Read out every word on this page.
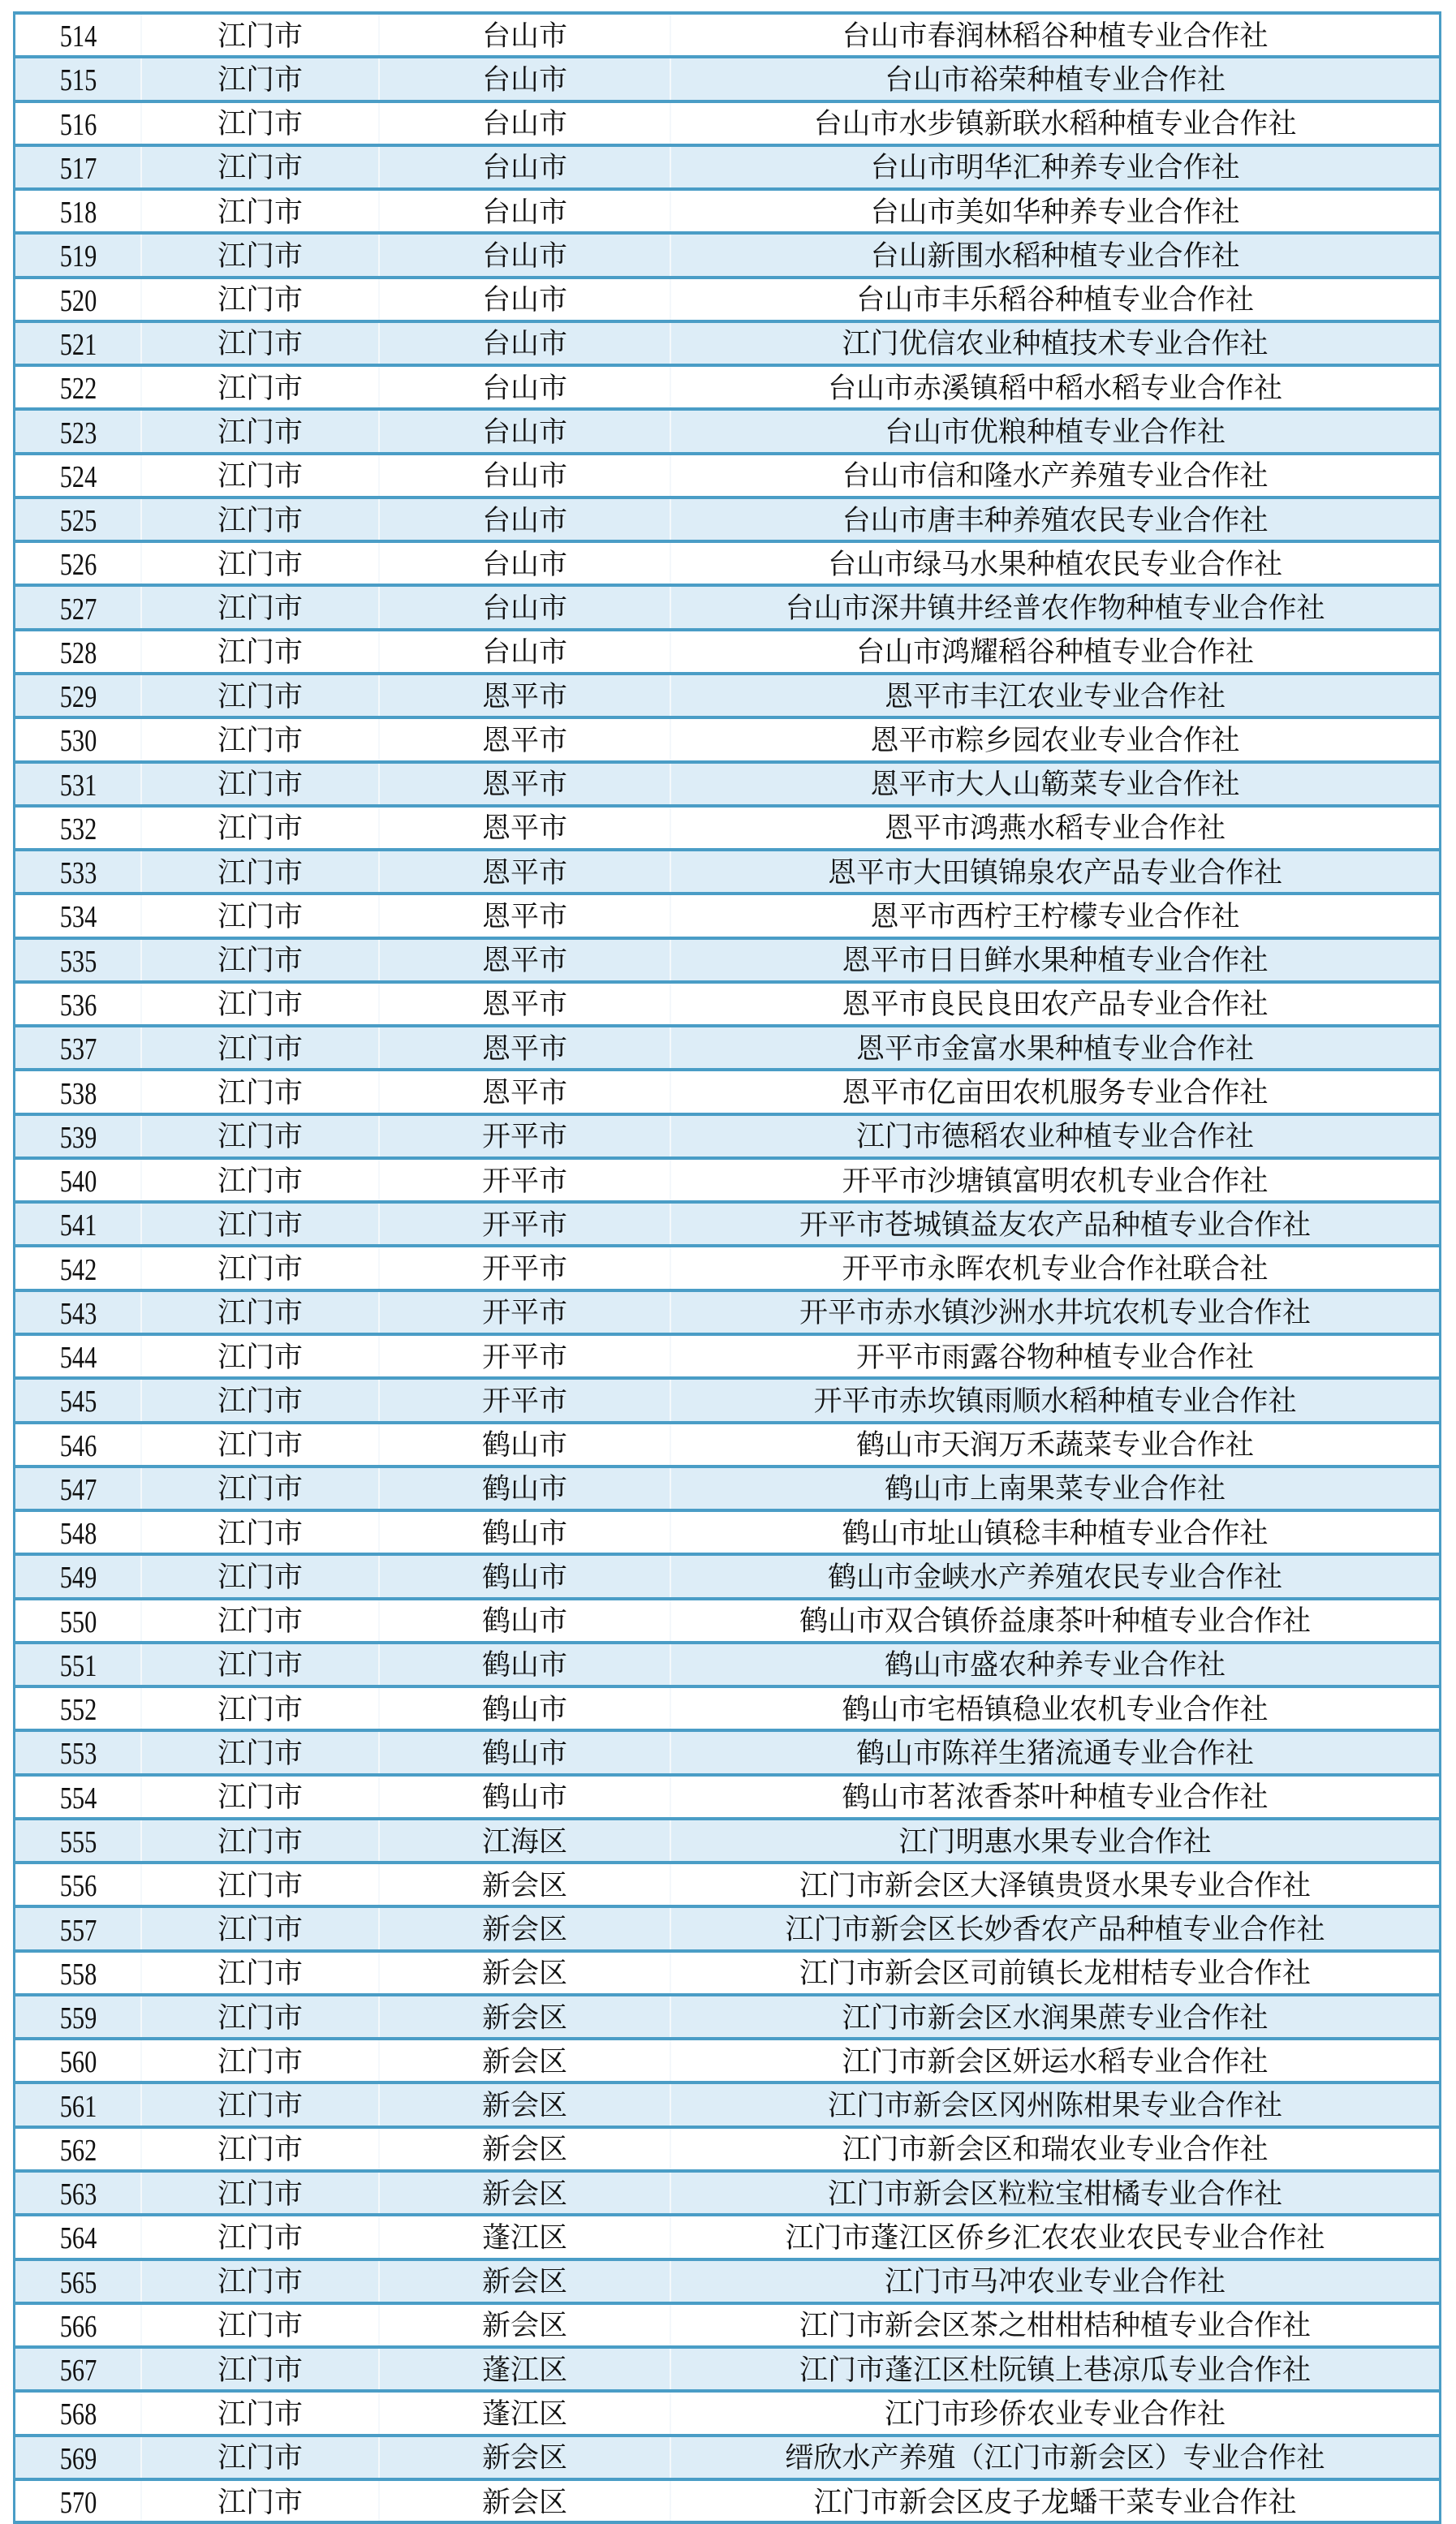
514	江门市	台山市	台山市春润林稻谷种植专业合作社
515	江门市	台山市	台山市裕荣种植专业合作社
516	江门市	台山市	台山市水步镇新联水稻种植专业合作社
517	江门市	台山市	台山市明华汇种养专业合作社
518	江门市	台山市	台山市美如华种养专业合作社
519	江门市	台山市	台山新围水稻种植专业合作社
520	江门市	台山市	台山市丰乐稻谷种植专业合作社
521	江门市	台山市	江门优信农业种植技术专业合作社
522	江门市	台山市	台山市赤溪镇稻中稻水稻专业合作社
523	江门市	台山市	台山市优粮种植专业合作社
524	江门市	台山市	台山市信和隆水产养殖专业合作社
525	江门市	台山市	台山市唐丰种养殖农民专业合作社
526	江门市	台山市	台山市绿马水果种植农民专业合作社
527	江门市	台山市	台山市深井镇井经普农作物种植专业合作社
528	江门市	台山市	台山市鸿耀稻谷种植专业合作社
529	江门市	恩平市	恩平市丰江农业专业合作社
530	江门市	恩平市	恩平市粽乡园农业专业合作社
531	江门市	恩平市	恩平市大人山簕菜专业合作社
532	江门市	恩平市	恩平市鸿燕水稻专业合作社
533	江门市	恩平市	恩平市大田镇锦泉农产品专业合作社
534	江门市	恩平市	恩平市西柠王柠檬专业合作社
535	江门市	恩平市	恩平市日日鲜水果种植专业合作社
536	江门市	恩平市	恩平市良民良田农产品专业合作社
537	江门市	恩平市	恩平市金富水果种植专业合作社
538	江门市	恩平市	恩平市亿亩田农机服务专业合作社
539	江门市	开平市	江门市德稻农业种植专业合作社
540	江门市	开平市	开平市沙塘镇富明农机专业合作社
541	江门市	开平市	开平市苍城镇益友农产品种植专业合作社
542	江门市	开平市	开平市永晖农机专业合作社联合社
543	江门市	开平市	开平市赤水镇沙洲水井坑农机专业合作社
544	江门市	开平市	开平市雨露谷物种植专业合作社
545	江门市	开平市	开平市赤坎镇雨顺水稻种植专业合作社
546	江门市	鹤山市	鹤山市天润万禾蔬菜专业合作社
547	江门市	鹤山市	鹤山市上南果菜专业合作社
548	江门市	鹤山市	鹤山市址山镇稔丰种植专业合作社
549	江门市	鹤山市	鹤山市金峡水产养殖农民专业合作社
550	江门市	鹤山市	鹤山市双合镇侨益康茶叶种植专业合作社
551	江门市	鹤山市	鹤山市盛农种养专业合作社
552	江门市	鹤山市	鹤山市宅梧镇稳业农机专业合作社
553	江门市	鹤山市	鹤山市陈祥生猪流通专业合作社
554	江门市	鹤山市	鹤山市茗浓香茶叶种植专业合作社
555	江门市	江海区	江门明惠水果专业合作社
556	江门市	新会区	江门市新会区大泽镇贵贤水果专业合作社
557	江门市	新会区	江门市新会区长妙香农产品种植专业合作社
558	江门市	新会区	江门市新会区司前镇长龙柑桔专业合作社
559	江门市	新会区	江门市新会区水润果蔗专业合作社
560	江门市	新会区	江门市新会区妍运水稻专业合作社
561	江门市	新会区	江门市新会区冈州陈柑果专业合作社
562	江门市	新会区	江门市新会区和瑞农业专业合作社
563	江门市	新会区	江门市新会区粒粒宝柑橘专业合作社
564	江门市	蓬江区	江门市蓬江区侨乡汇农农业农民专业合作社
565	江门市	新会区	江门市马冲农业专业合作社
566	江门市	新会区	江门市新会区茶之柑柑桔种植专业合作社
567	江门市	蓬江区	江门市蓬江区杜阮镇上巷凉瓜专业合作社
568	江门市	蓬江区	江门市珍侨农业专业合作社
569	江门市	新会区	缙欣水产养殖（江门市新会区）专业合作社
570	江门市	新会区	江门市新会区皮子龙蟠干菜专业合作社
